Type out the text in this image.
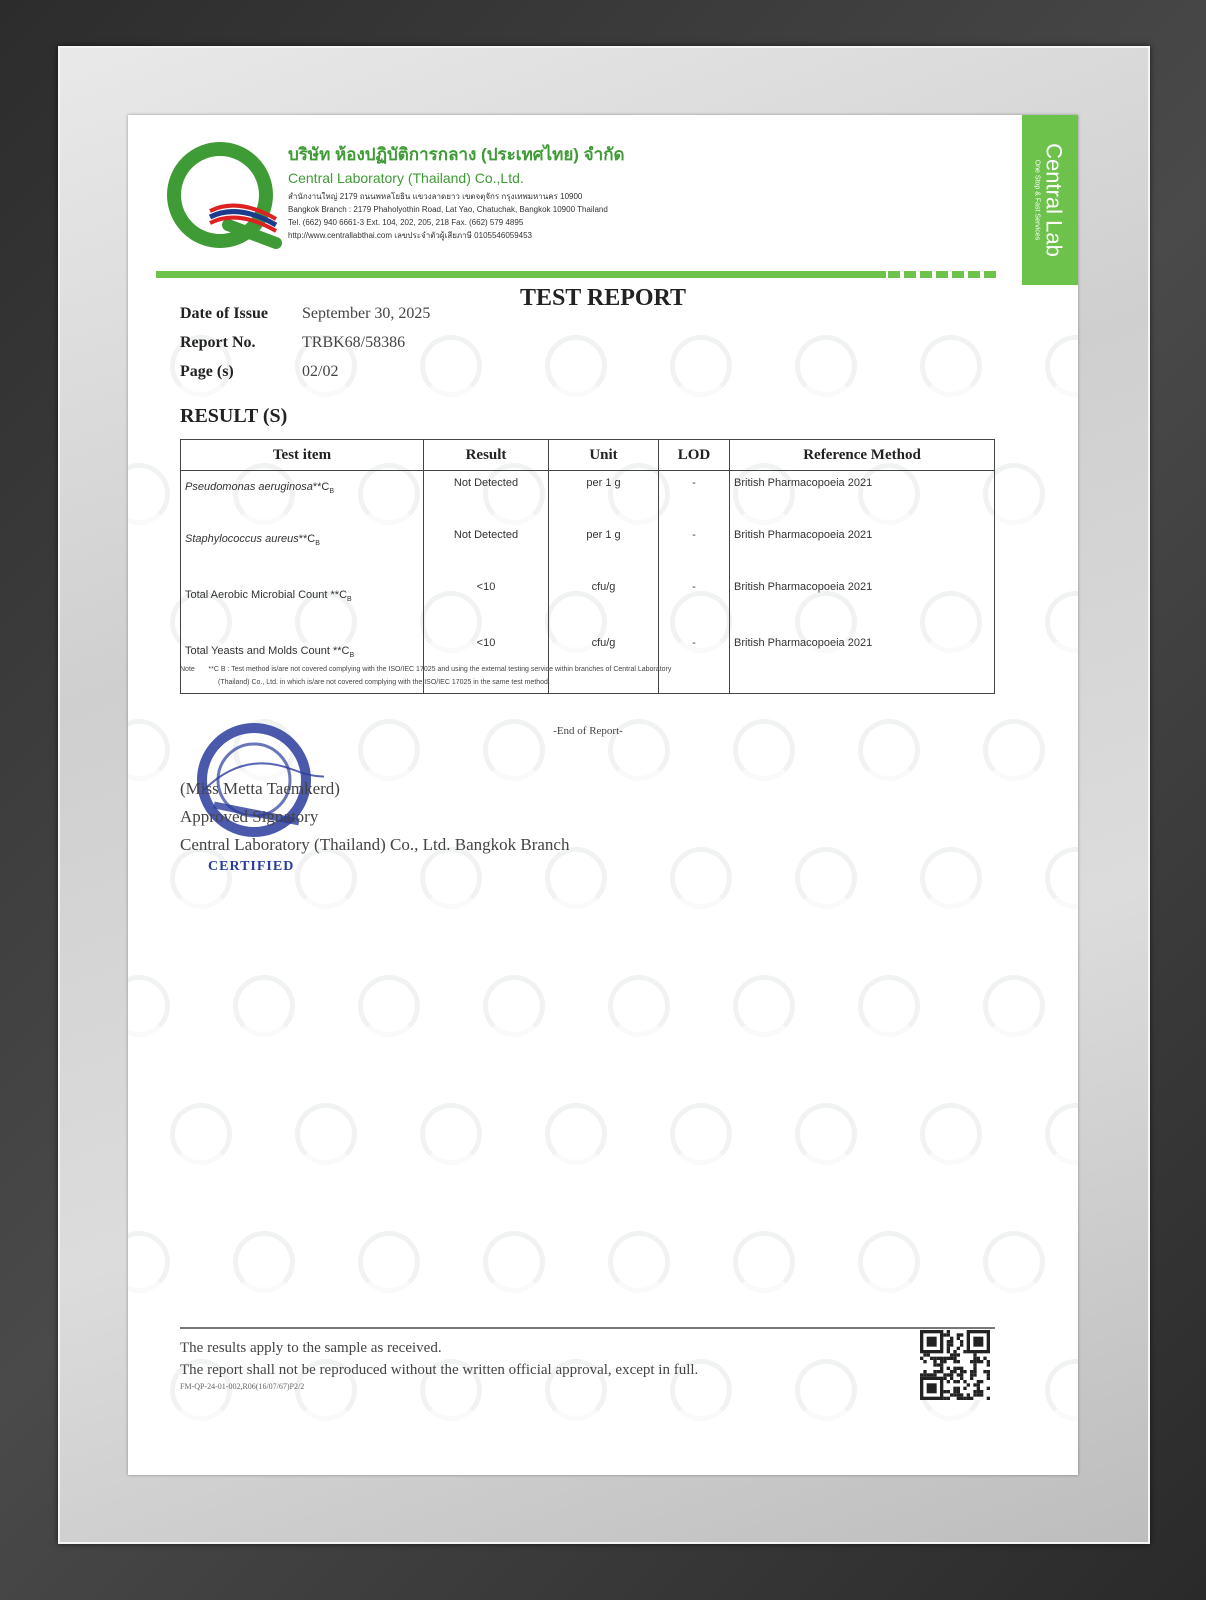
Central Lab
One Stop & Fast Services
บริษัท ห้องปฏิบัติการกลาง (ประเทศไทย) จำกัด
Central Laboratory (Thailand) Co.,Ltd.
สำนักงานใหญ่ 2179 ถนนพหลโยธิน แขวงลาดยาว เขตจตุจักร กรุงเทพมหานคร 10900
Bangkok Branch : 2179 Phaholyothin Road, Lat Yao, Chatuchak, Bangkok 10900 Thailand
Tel. (662) 940 6661-3 Ext. 104, 202, 205, 218 Fax. (662) 579 4895
http://www.centrallabthai.com เลขประจำตัวผู้เสียภาษี 0105546059453
TEST REPORT
Date of Issue	September 30, 2025
Report No.	TRBK68/58386
Page (s)	02/02
RESULT (S)
Test item	Result	Unit	LOD	Reference Method
Pseudomonas $aeruginosa**C_B$	Not Detected	per 1 g	-	British Pharmacopoeia 2021
Staphylococcus $aureus**C_B$	Not Detected	per 1 g	-	British Pharmacopoeia 2021
Total Aerobic Microbial Count $**C_B$	<10	cfu/g	-	British Pharmacopoeia 2021
Total Yeasts and Molds Count $**C_B$	<10	cfu/g	-	British Pharmacopoeia 2021
Note **C B : Test method is/are not covered complying with the ISO/IEC 17025 and using the external testing service within branches of Central Laboratory
(Thailand) Co., Ltd. in which is/are not covered complying with the ISO/IEC 17025 in the same test method.
-End of Report-
(Miss Metta Taemkerd)
Approved Signatory
Central Laboratory (Thailand) Co., Ltd. Bangkok Branch
CERTIFIED
The results apply to the sample as received.
The report shall not be reproduced without the written official approval, except in full.
FM-QP-24-01-002,R06(16/07/67)P2/2
